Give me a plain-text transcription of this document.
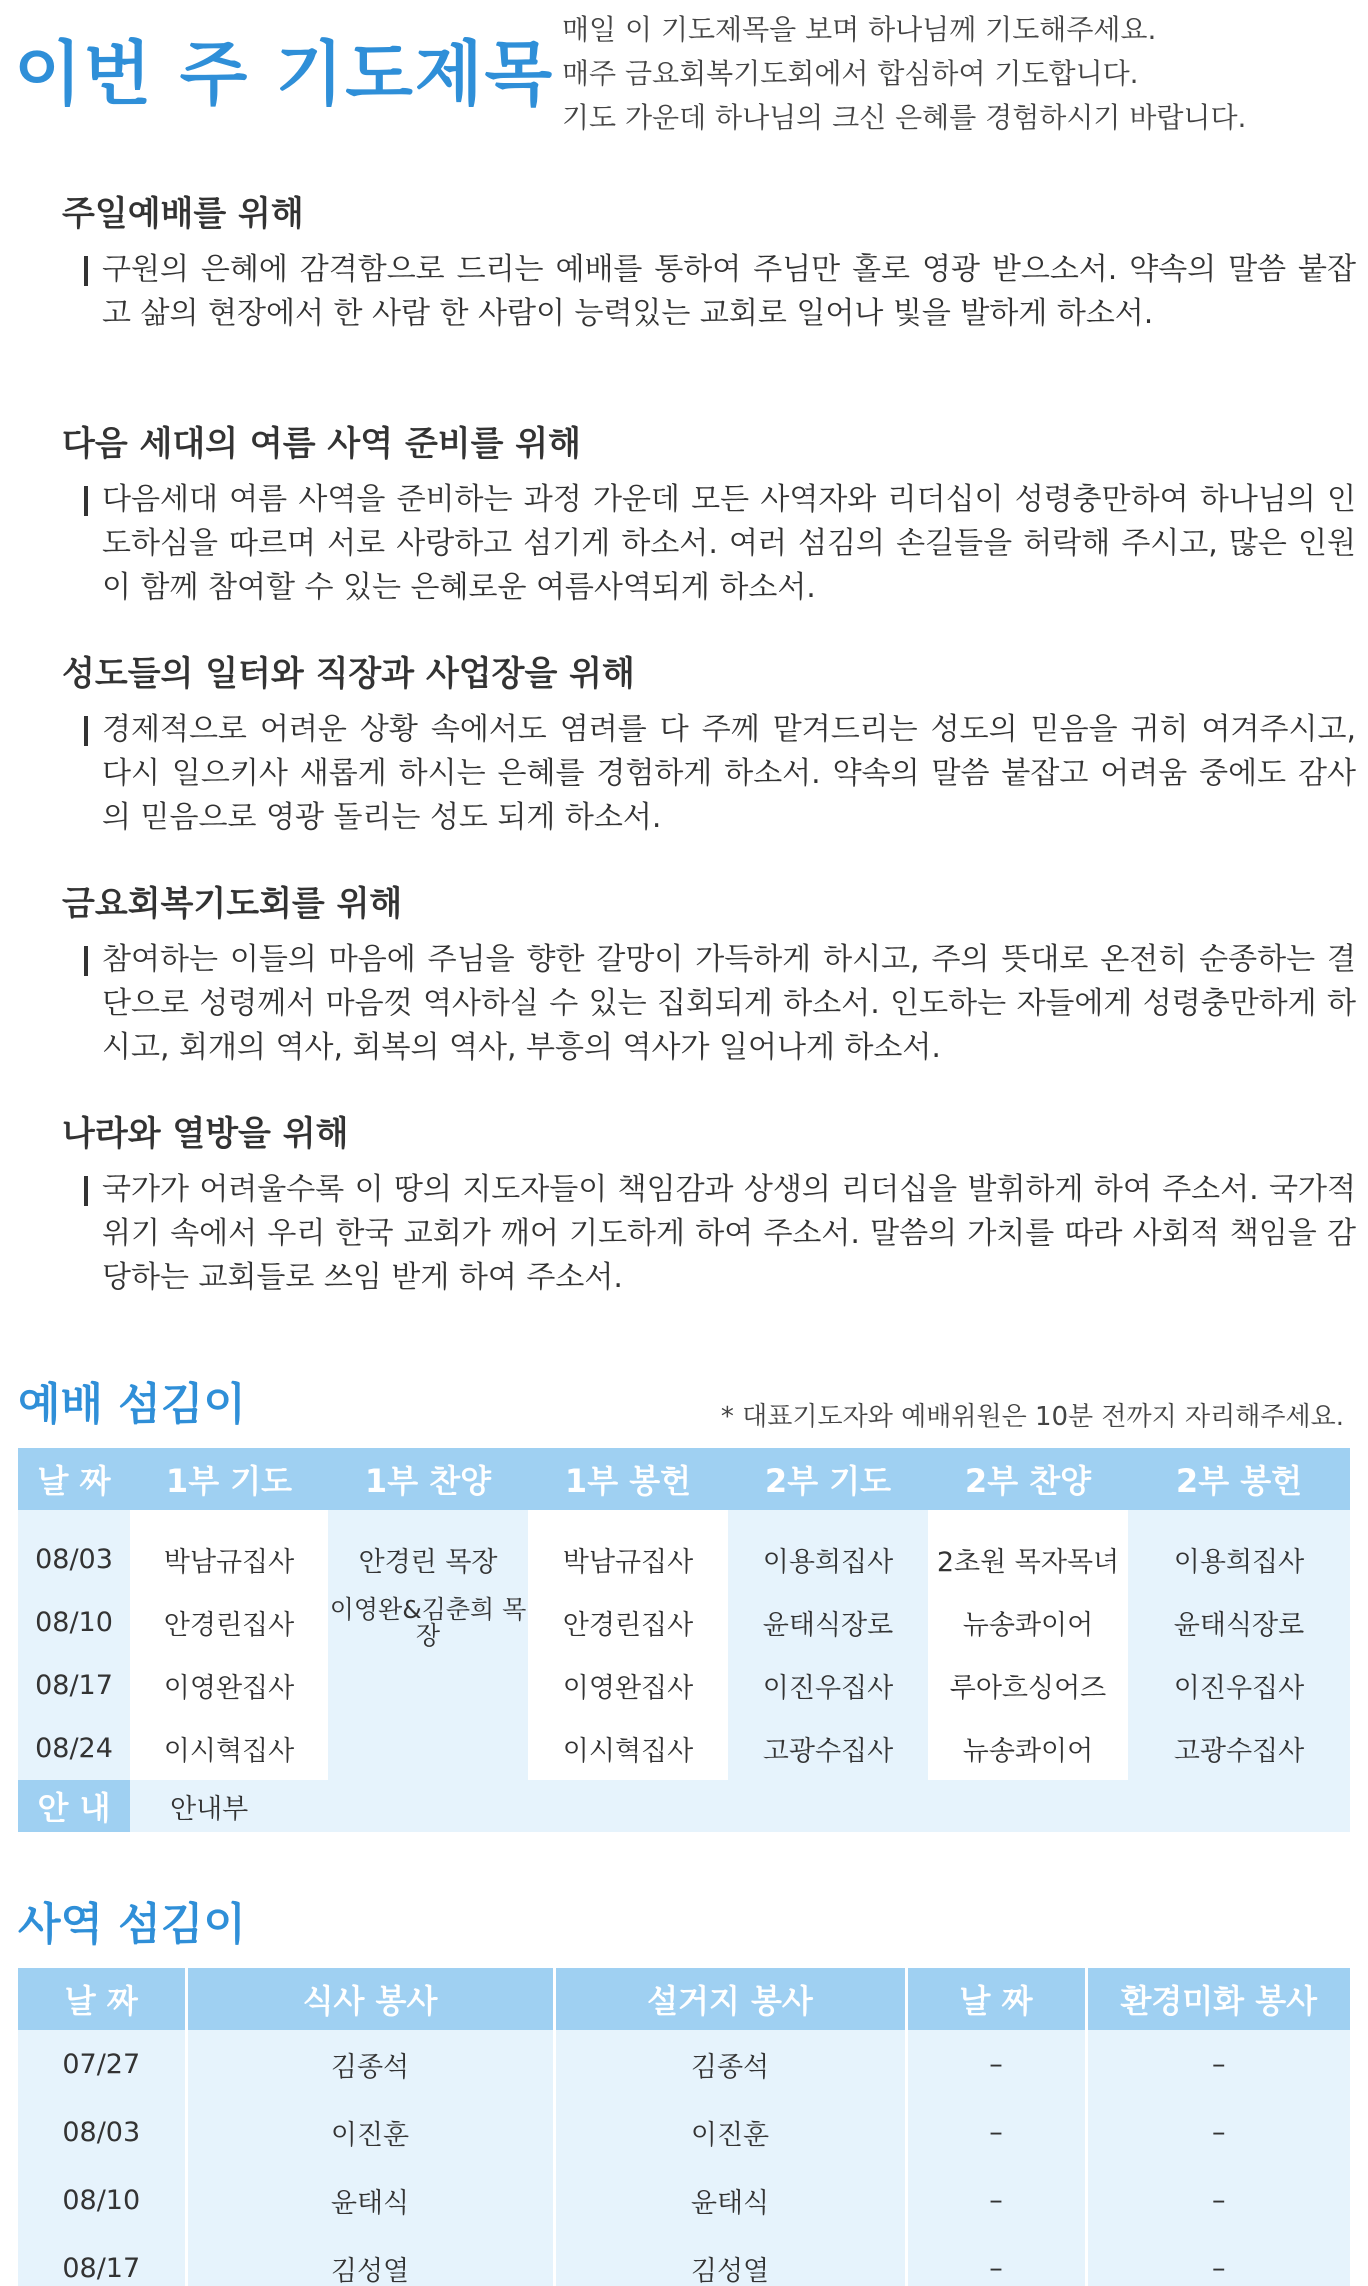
이번 주 기도제목
매일 이 기도제목을 보며 하나님께 기도해주세요.
매주 금요회복기도회에서 합심하여 기도합니다.
기도 가운데 하나님의 크신 은혜를 경험하시기 바랍니다.
주일예배를 위해
구원의 은혜에 감격함으로 드리는 예배를 통하여 주님만 홀로 영광 받으소서. 약속의 말씀 붙잡고 삶의 현장에서 한 사람 한 사람이 능력있는 교회로 일어나 빛을 발하게 하소서.
다음 세대의 여름 사역 준비를 위해
다음세대 여름 사역을 준비하는 과정 가운데 모든 사역자와 리더십이 성령충만하여 하나님의 인도하심을 따르며 서로 사랑하고 섬기게 하소서. 여러 섬김의 손길들을 허락해 주시고, 많은 인원이 함께 참여할 수 있는 은혜로운 여름사역되게 하소서.
성도들의 일터와 직장과 사업장을 위해
경제적으로 어려운 상황 속에서도 염려를 다 주께 맡겨드리는 성도의 믿음을 귀히 여겨주시고, 다시 일으키사 새롭게 하시는 은혜를 경험하게 하소서. 약속의 말씀 붙잡고 어려움 중에도 감사의 믿음으로 영광 돌리는 성도 되게 하소서.
금요회복기도회를 위해
참여하는 이들의 마음에 주님을 향한 갈망이 가득하게 하시고, 주의 뜻대로 온전히 순종하는 결단으로 성령께서 마음껏 역사하실 수 있는 집회되게 하소서. 인도하는 자들에게 성령충만하게 하시고, 회개의 역사, 회복의 역사, 부흥의 역사가 일어나게 하소서.
나라와 열방을 위해
국가가 어려울수록 이 땅의 지도자들이 책임감과 상생의 리더십을 발휘하게 하여 주소서. 국가적 위기 속에서 우리 한국 교회가 깨어 기도하게 하여 주소서. 말씀의 가치를 따라 사회적 책임을 감당하는 교회들로 쓰임 받게 하여 주소서.
예배 섬김이	* 대표기도자와 예배위원은 10분 전까지 자리해주세요.
날 짜	1부 기도	1부 찬양	1부 봉헌	2부 기도	2부 찬양	2부 봉헌
08/03	박남규집사	안경린 목장	박남규집사	이용희집사	2초원 목자목녀	이용희집사
08/10	안경린집사	이영완&김춘희 목장	안경린집사	윤태식장로	뉴송콰이어	윤태식장로
08/17	이영완집사		이영완집사	이진우집사	루아흐싱어즈	이진우집사
08/24	이시혁집사		이시혁집사	고광수집사	뉴송콰이어	고광수집사
안 내	안내부					
사역 섬김이
날 짜	식사 봉사	설거지 봉사	날 짜	환경미화 봉사
07/27	김종석	김종석	–	–
08/03	이진훈	이진훈	–	–
08/10	윤태식	윤태식	–	–
08/17	김성열	김성열	–	–
